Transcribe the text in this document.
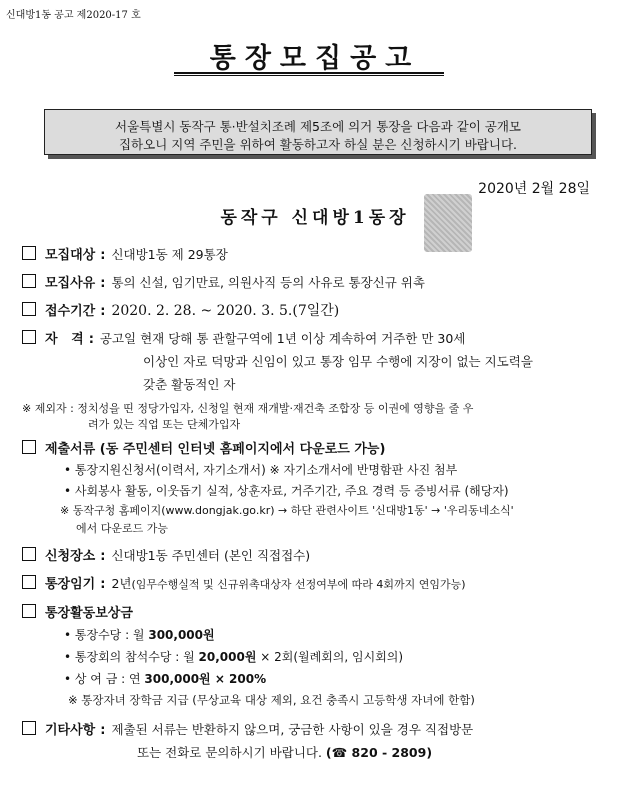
신대방1동 공고 제2020-17 호
통장모집공고
서울특별시 동작구 통·반설치조례 제5조에 의거 통장을 다음과 같이 공개모
집하오니 지역 주민을 위하여 활동하고자 하실 분은 신청하시기 바랍니다.
2020년 2월 28일
동작구 신대방1동장
모집대상 : 신대방1동 제 29통장
모집사유 : 통의 신설, 임기만료, 의원사직 등의 사유로 통장신규 위촉
접수기간 : 2020. 2. 28. ~ 2020. 3. 5.(7일간)
자   격 : 공고일 현재 당해 통 관할구역에 1년 이상 계속하여 거주한 만 30세
이상인 자로 덕망과 신임이 있고 통장 임무 수행에 지장이 없는 지도력을
갖춘 활동적인 자
※ 제외자 : 정치성을 띤 정당가입자, 신청일 현재 재개발·재건축 조합장 등 이권에 영향을 줄 우
려가 있는 직업 또는 단체가입자
제출서류 (동 주민센터 인터넷 홈페이지에서 다운로드 가능)
• 통장지원신청서(이력서, 자기소개서) ※ 자기소개서에 반명함판 사진 첨부
• 사회봉사 활동, 이웃돕기 실적, 상훈자료, 거주기간, 주요 경력 등 증빙서류 (해당자)
※ 동작구청 홈페이지(www.dongjak.go.kr) → 하단 관련사이트 '신대방1동' → '우리동네소식'
에서 다운로드 가능
신청장소 : 신대방1동 주민센터 (본인 직접접수)
통장임기 : 2년 (임무수행실적 및 신규위촉대상자 선정여부에 따라 4회까지 연임가능)
통장활동보상금
• 통장수당 : 월 300,000원
• 통장회의 참석수당 : 월 20,000원 × 2회(월례회의, 임시회의)
• 상 여 금 : 연 300,000원 × 200%
※ 통장자녀 장학금 지급 (무상교육 대상 제외, 요건 충족시 고등학생 자녀에 한함)
기타사항 : 제출된 서류는 반환하지 않으며, 궁금한 사항이 있을 경우 직접방문
또는 전화로 문의하시기 바랍니다. (☎ 820 - 2809)
